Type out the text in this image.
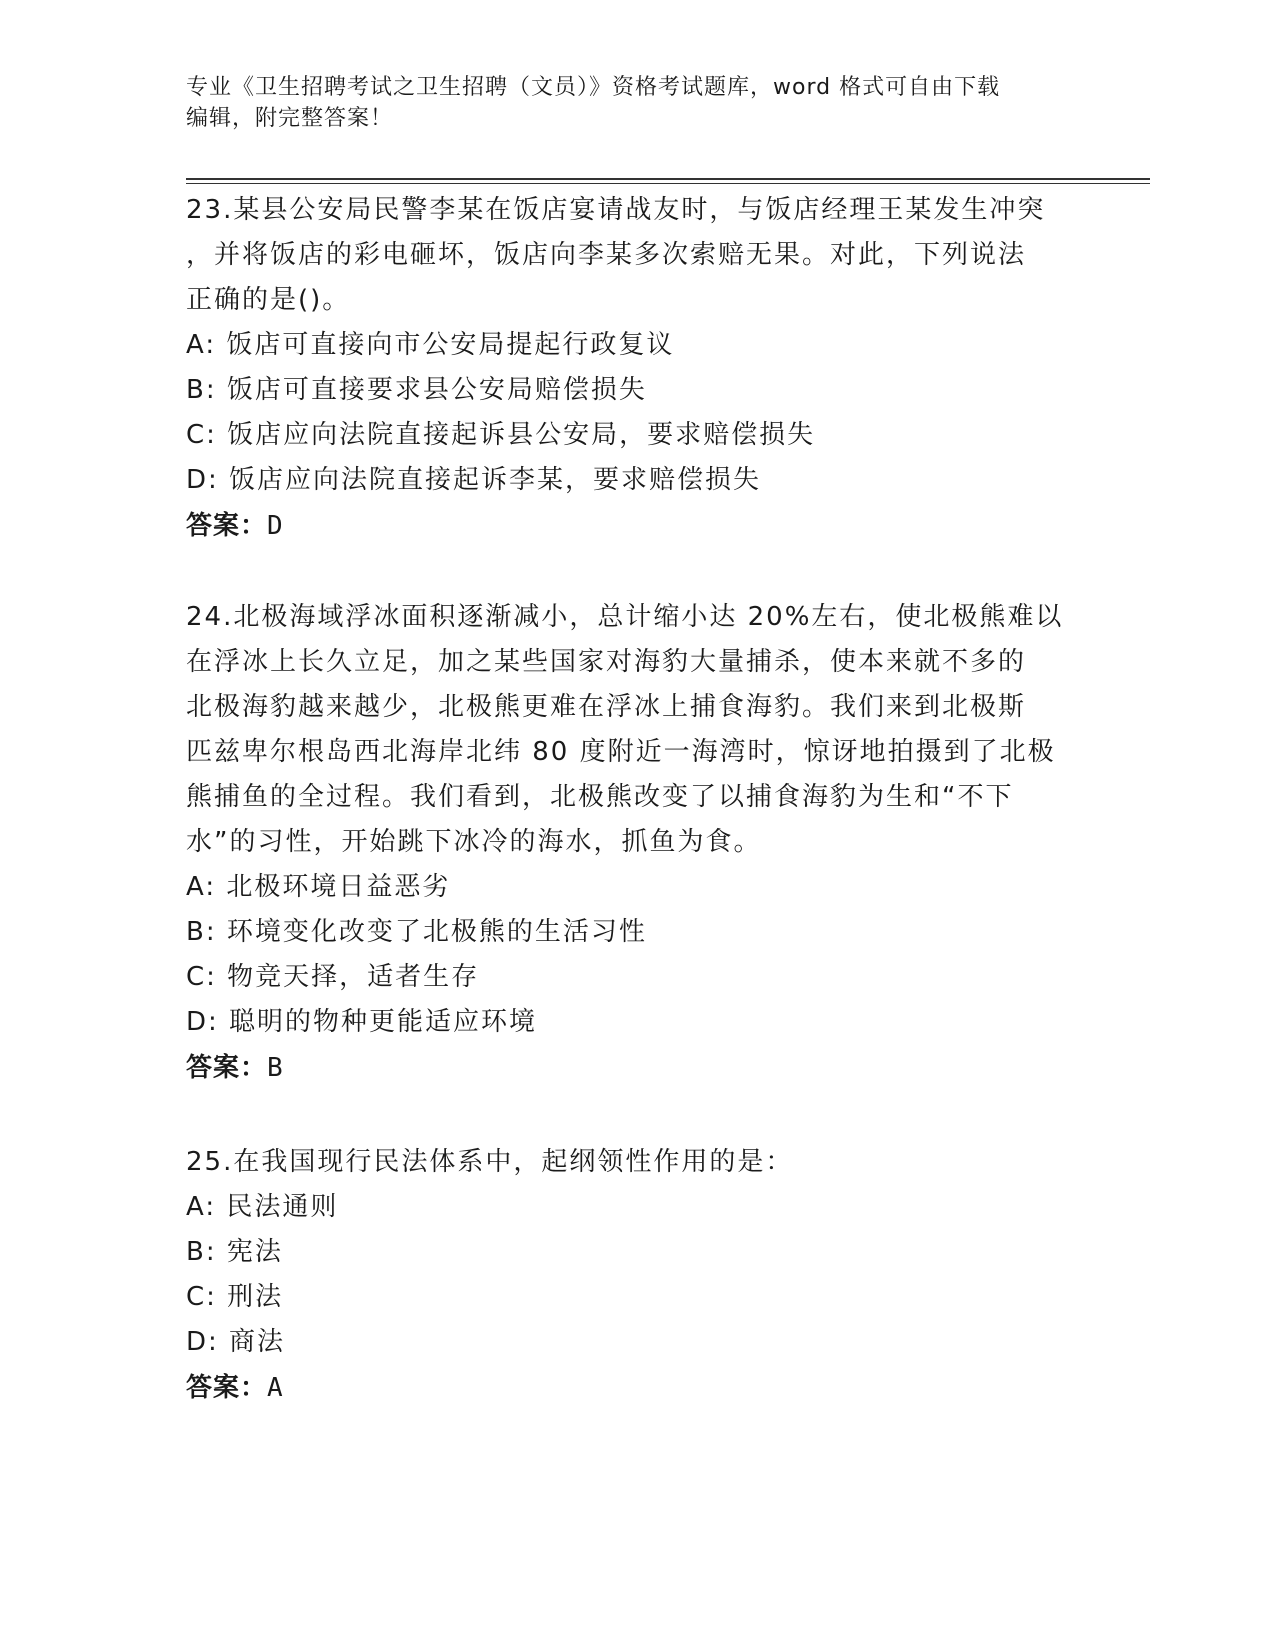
专业《卫生招聘考试之卫生招聘（文员）》资格考试题库，word 格式可自由下载
编辑，附完整答案！

23.某县公安局民警李某在饭店宴请战友时，与饭店经理王某发生冲突

，并将饭店的彩电砸坏，饭店向李某多次索赔无果。对此，下列说法

正确的是()。

A: 饭店可直接向市公安局提起行政复议

B: 饭店可直接要求县公安局赔偿损失

C: 饭店应向法院直接起诉县公安局，要求赔偿损失

D: 饭店应向法院直接起诉李某，要求赔偿损失

答案：D

24.北极海域浮冰面积逐渐减小，总计缩小达 20%左右，使北极熊难以

在浮冰上长久立足，加之某些国家对海豹大量捕杀，使本来就不多的

北极海豹越来越少，北极熊更难在浮冰上捕食海豹。我们来到北极斯

匹兹卑尔根岛西北海岸北纬 80 度附近一海湾时，惊讶地拍摄到了北极

熊捕鱼的全过程。我们看到，北极熊改变了以捕食海豹为生和“不下

水”的习性，开始跳下冰冷的海水，抓鱼为食。

A: 北极环境日益恶劣

B: 环境变化改变了北极熊的生活习性

C: 物竞天择，适者生存

D: 聪明的物种更能适应环境

答案：B

25.在我国现行民法体系中，起纲领性作用的是：

A: 民法通则

B: 宪法

C: 刑法

D: 商法

答案：A
